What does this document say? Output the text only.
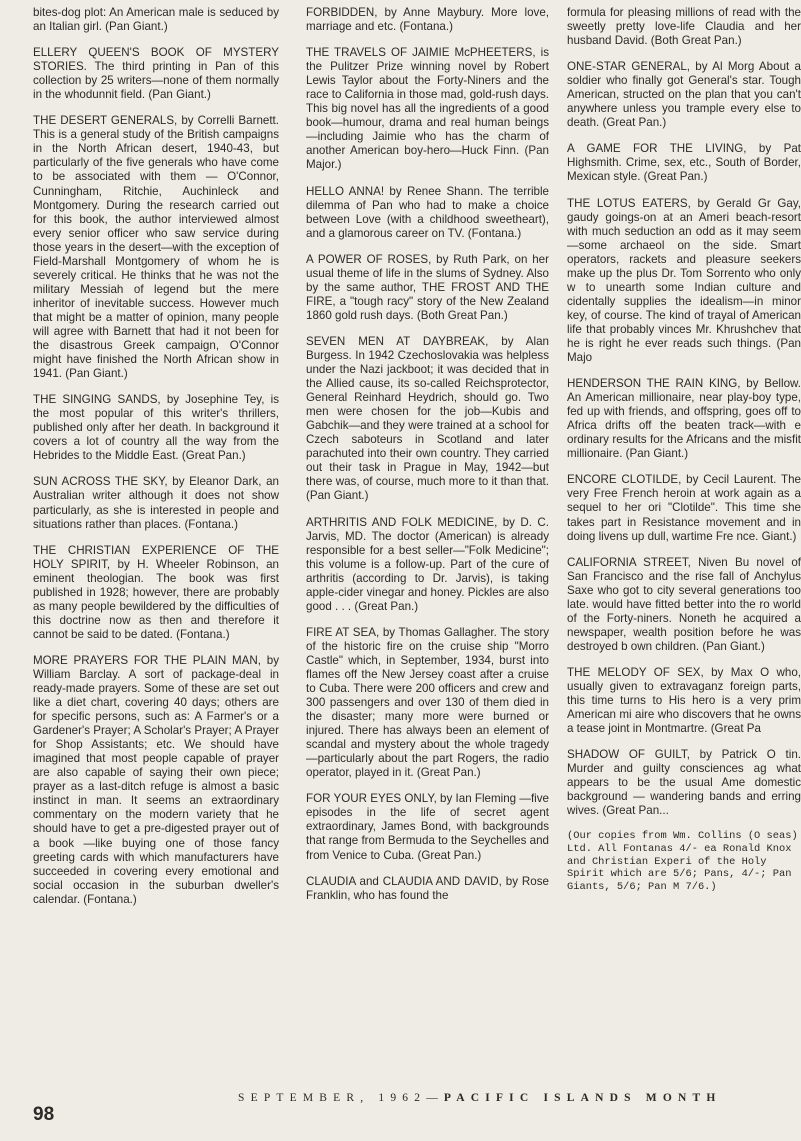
bites-dog plot: An American male is seduced by an Italian girl. (Pan Giant.)

ELLERY QUEEN'S BOOK OF MYSTERY STORIES. The third printing in Pan of this collection by 25 writers—none of them normally in the whodunnit field. (Pan Giant.)

THE DESERT GENERALS, by Correlli Barnett. This is a general study of the British campaigns in the North African desert, 1940-43, but particularly of the five generals who have come to be associated with them — O'Connor, Cunningham, Ritchie, Auchinleck and Montgomery. During the research carried out for this book, the author interviewed almost every senior officer who saw service during those years in the desert—with the exception of Field-Marshall Montgomery of whom he is severely critical. He thinks that he was not the military Messiah of legend but the mere inheritor of inevitable success. However much that might be a matter of opinion, many people will agree with Barnett that had it not been for the disastrous Greek campaign, O'Connor might have finished the North African show in 1941. (Pan Giant.)

THE SINGING SANDS, by Josephine Tey, is the most popular of this writer's thrillers, published only after her death. In background it covers a lot of country all the way from the Hebrides to the Middle East. (Great Pan.)

SUN ACROSS THE SKY, by Eleanor Dark, an Australian writer although it does not show particularly, as she is interested in people and situations rather than places. (Fontana.)

THE CHRISTIAN EXPERIENCE OF THE HOLY SPIRIT, by H. Wheeler Robinson, an eminent theologian. The book was first published in 1928; however, there are probably as many people bewildered by the difficulties of this doctrine now as then and therefore it cannot be said to be dated. (Fontana.)

MORE PRAYERS FOR THE PLAIN MAN, by William Barclay. A sort of package-deal in ready-made prayers. Some of these are set out like a diet chart, covering 40 days; others are for specific persons, such as: A Farmer's or a Gardener's Prayer; A Scholar's Prayer; A Prayer for Shop Assistants; etc. We should have imagined that most people capable of prayer are also capable of saying their own piece; prayer as a last-ditch refuge is almost a basic instinct in man. It seems an extraordinary commentary on the modern variety that he should have to get a pre-digested prayer out of a book —like buying one of those fancy greeting cards with which manufacturers have succeeded in covering every emotional and social occasion in the suburban dweller's calendar. (Fontana.)

FORBIDDEN, by Anne Maybury. More love, marriage and etc. (Fontana.)

THE TRAVELS OF JAIMIE McPHEETERS, is the Pulitzer Prize winning novel by Robert Lewis Taylor about the Forty-Niners and the race to California in those mad, gold-rush days. This big novel has all the ingredients of a good book—humour, drama and real human beings—including Jaimie who has the charm of another American boy-hero—Huck Finn. (Pan Major.)

HELLO ANNA! by Renee Shann. The terrible dilemma of Pan who had to make a choice between Love (with a childhood sweetheart), and a glamorous career on TV. (Fontana.)

A POWER OF ROSES, by Ruth Park, on her usual theme of life in the slums of Sydney. Also by the same author, THE FROST AND THE FIRE, a "tough racy" story of the New Zealand 1860 gold rush days. (Both Great Pan.)

SEVEN MEN AT DAYBREAK, by Alan Burgess. In 1942 Czechoslovakia was helpless under the Nazi jackboot; it was decided that in the Allied cause, its so-called Reichsprotector, General Reinhard Heydrich, should go. Two men were chosen for the job—Kubis and Gabchik—and they were trained at a school for Czech saboteurs in Scotland and later parachuted into their own country. They carried out their task in Prague in May, 1942—but there was, of course, much more to it than that. (Pan Giant.)

ARTHRITIS AND FOLK MEDICINE, by D. C. Jarvis, MD. The doctor (American) is already responsible for a best seller—"Folk Medicine"; this volume is a follow-up. Part of the cure of arthritis (according to Dr. Jarvis), is taking apple-cider vinegar and honey. Pickles are also good . . . (Great Pan.)

FIRE AT SEA, by Thomas Gallagher. The story of the historic fire on the cruise ship "Morro Castle" which, in September, 1934, burst into flames off the New Jersey coast after a cruise to Cuba. There were 200 officers and crew and 300 passengers and over 130 of them died in the disaster; many more were burned or injured. There has always been an element of scandal and mystery about the whole tragedy—particularly about the part Rogers, the radio operator, played in it. (Great Pan.)

FOR YOUR EYES ONLY, by Ian Fleming —five episodes in the life of secret agent extraordinary, James Bond, with backgrounds that range from Bermuda to the Seychelles and from Venice to Cuba. (Great Pan.)

CLAUDIA and CLAUDIA AND DAVID, by Rose Franklin, who has found the

formula for pleasing millions of read with the sweetly pretty love-life Claudia and her husband David. (Both Great Pan.)

ONE-STAR GENERAL, by Al Morg About a soldier who finally got General's star. Tough American, structed on the plan that you can't anywhere unless you trample every else to death. (Great Pan.)

A GAME FOR THE LIVING, by Pat Highsmith. Crime, sex, etc., South of Border, Mexican style. (Great Pan.)

THE LOTUS EATERS, by Gerald Gr Gay, gaudy goings-on at an Ameri beach-resort with much seduction an odd as it may seem—some archaeol on the side. Smart operators, rackets and pleasure seekers make up the plus Dr. Tom Sorrento who only w to unearth some Indian culture and cidentally supplies the idealism—in minor key, of course. The kind of trayal of American life that probably vinces Mr. Khrushchev that he is right he ever reads such things. (Pan Majo

HENDERSON THE RAIN KING, by Bellow. An American millionaire, near play-boy type, fed up with friends, and offspring, goes off to Africa drifts off the beaten track—with e ordinary results for the Africans and the misfit millionaire. (Pan Giant.)

ENCORE CLOTILDE, by Cecil Laurent. The very Free French heroin at work again as a sequel to her ori "Clotilde". This time she takes part in Resistance movement and in doing livens up dull, wartime Fre nce. Giant.)

CALIFORNIA STREET, Niven Bu novel of San Francisco and the rise fall of Anchylus Saxe who got to city several generations too late. would have fitted better into the ro world of the Forty-niners. Noneth he acquired a newspaper, wealth position before he was destroyed b own children. (Pan Giant.)

THE MELODY OF SEX, by Max O who, usually given to extravaganz foreign parts, this time turns to His hero is a very prim American mi aire who discovers that he owns a tease joint in Montmartre. (Great Pa

SHADOW OF GUILT, by Patrick O tin. Murder and guilty consciences ag what appears to be the usual Ame domestic background — wandering bands and erring wives. (Great Pan...

(Our copies from Wm. Collins (O seas) Ltd. All Fontanas 4/- ea Ronald Knox and Christian Experi of the Holy Spirit which are 5/6; Pans, 4/-; Pan Giants, 5/6; Pan M 7/6.)

98
SEPTEMBER, 1962—PACIFIC ISLANDS MONTH
